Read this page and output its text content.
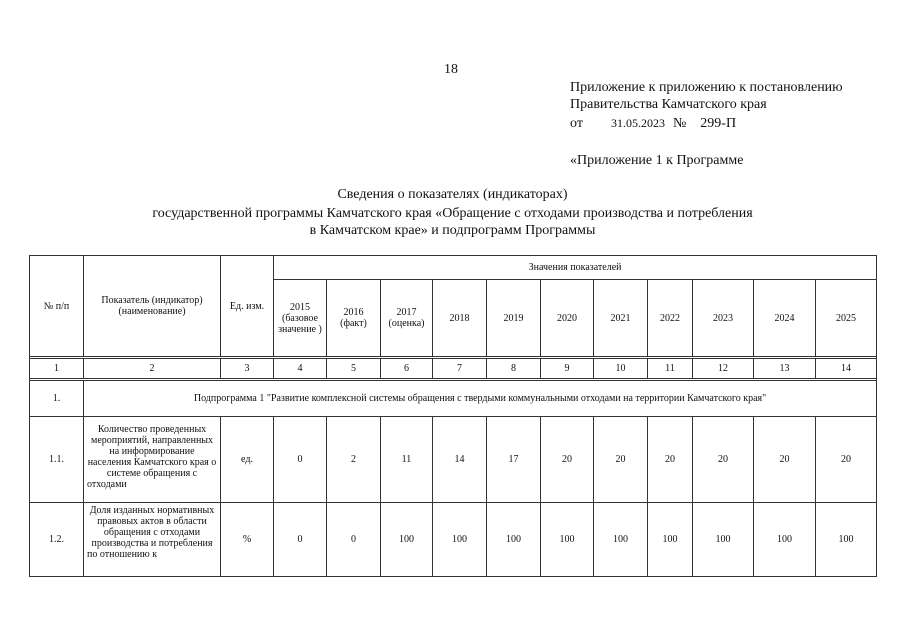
18
Приложение к приложению к постановлению
Правительства Камчатского края
от 31.05.2023 № 299-П
«Приложение 1 к Программе
Сведения о показателях (индикаторах)
государственной программы Камчатского края «Обращение с отходами производства и потребления
в Камчатском крае» и подпрограмм Программы
№ п/п	Показатель (индикатор) (наименование)	Ед. изм.	Значения показателей										
			2015 (базовое значение )	2016 (факт)	2017 (оценка)	2018	2019	2020	2021	2022	2023	2024	2025

1	2	3	4	5	6	7	8	9	10	11	12	13	14

1.	Подпрограмма 1 "Развитие комплексной системы обращения с твердыми коммунальными отходами на территории Камчатского края"												
1.1.	Количество проведенных мероприятий, направленных на информирование населения Камчатского края о системе обращения с отходами	ед.	0	2	11	14	17	20	20	20	20	20	20
1.2.	Доля изданных нормативных правовых актов в области обращения с отходами производства и потребления по отношению к	%	0	0	100	100	100	100	100	100	100	100	100
